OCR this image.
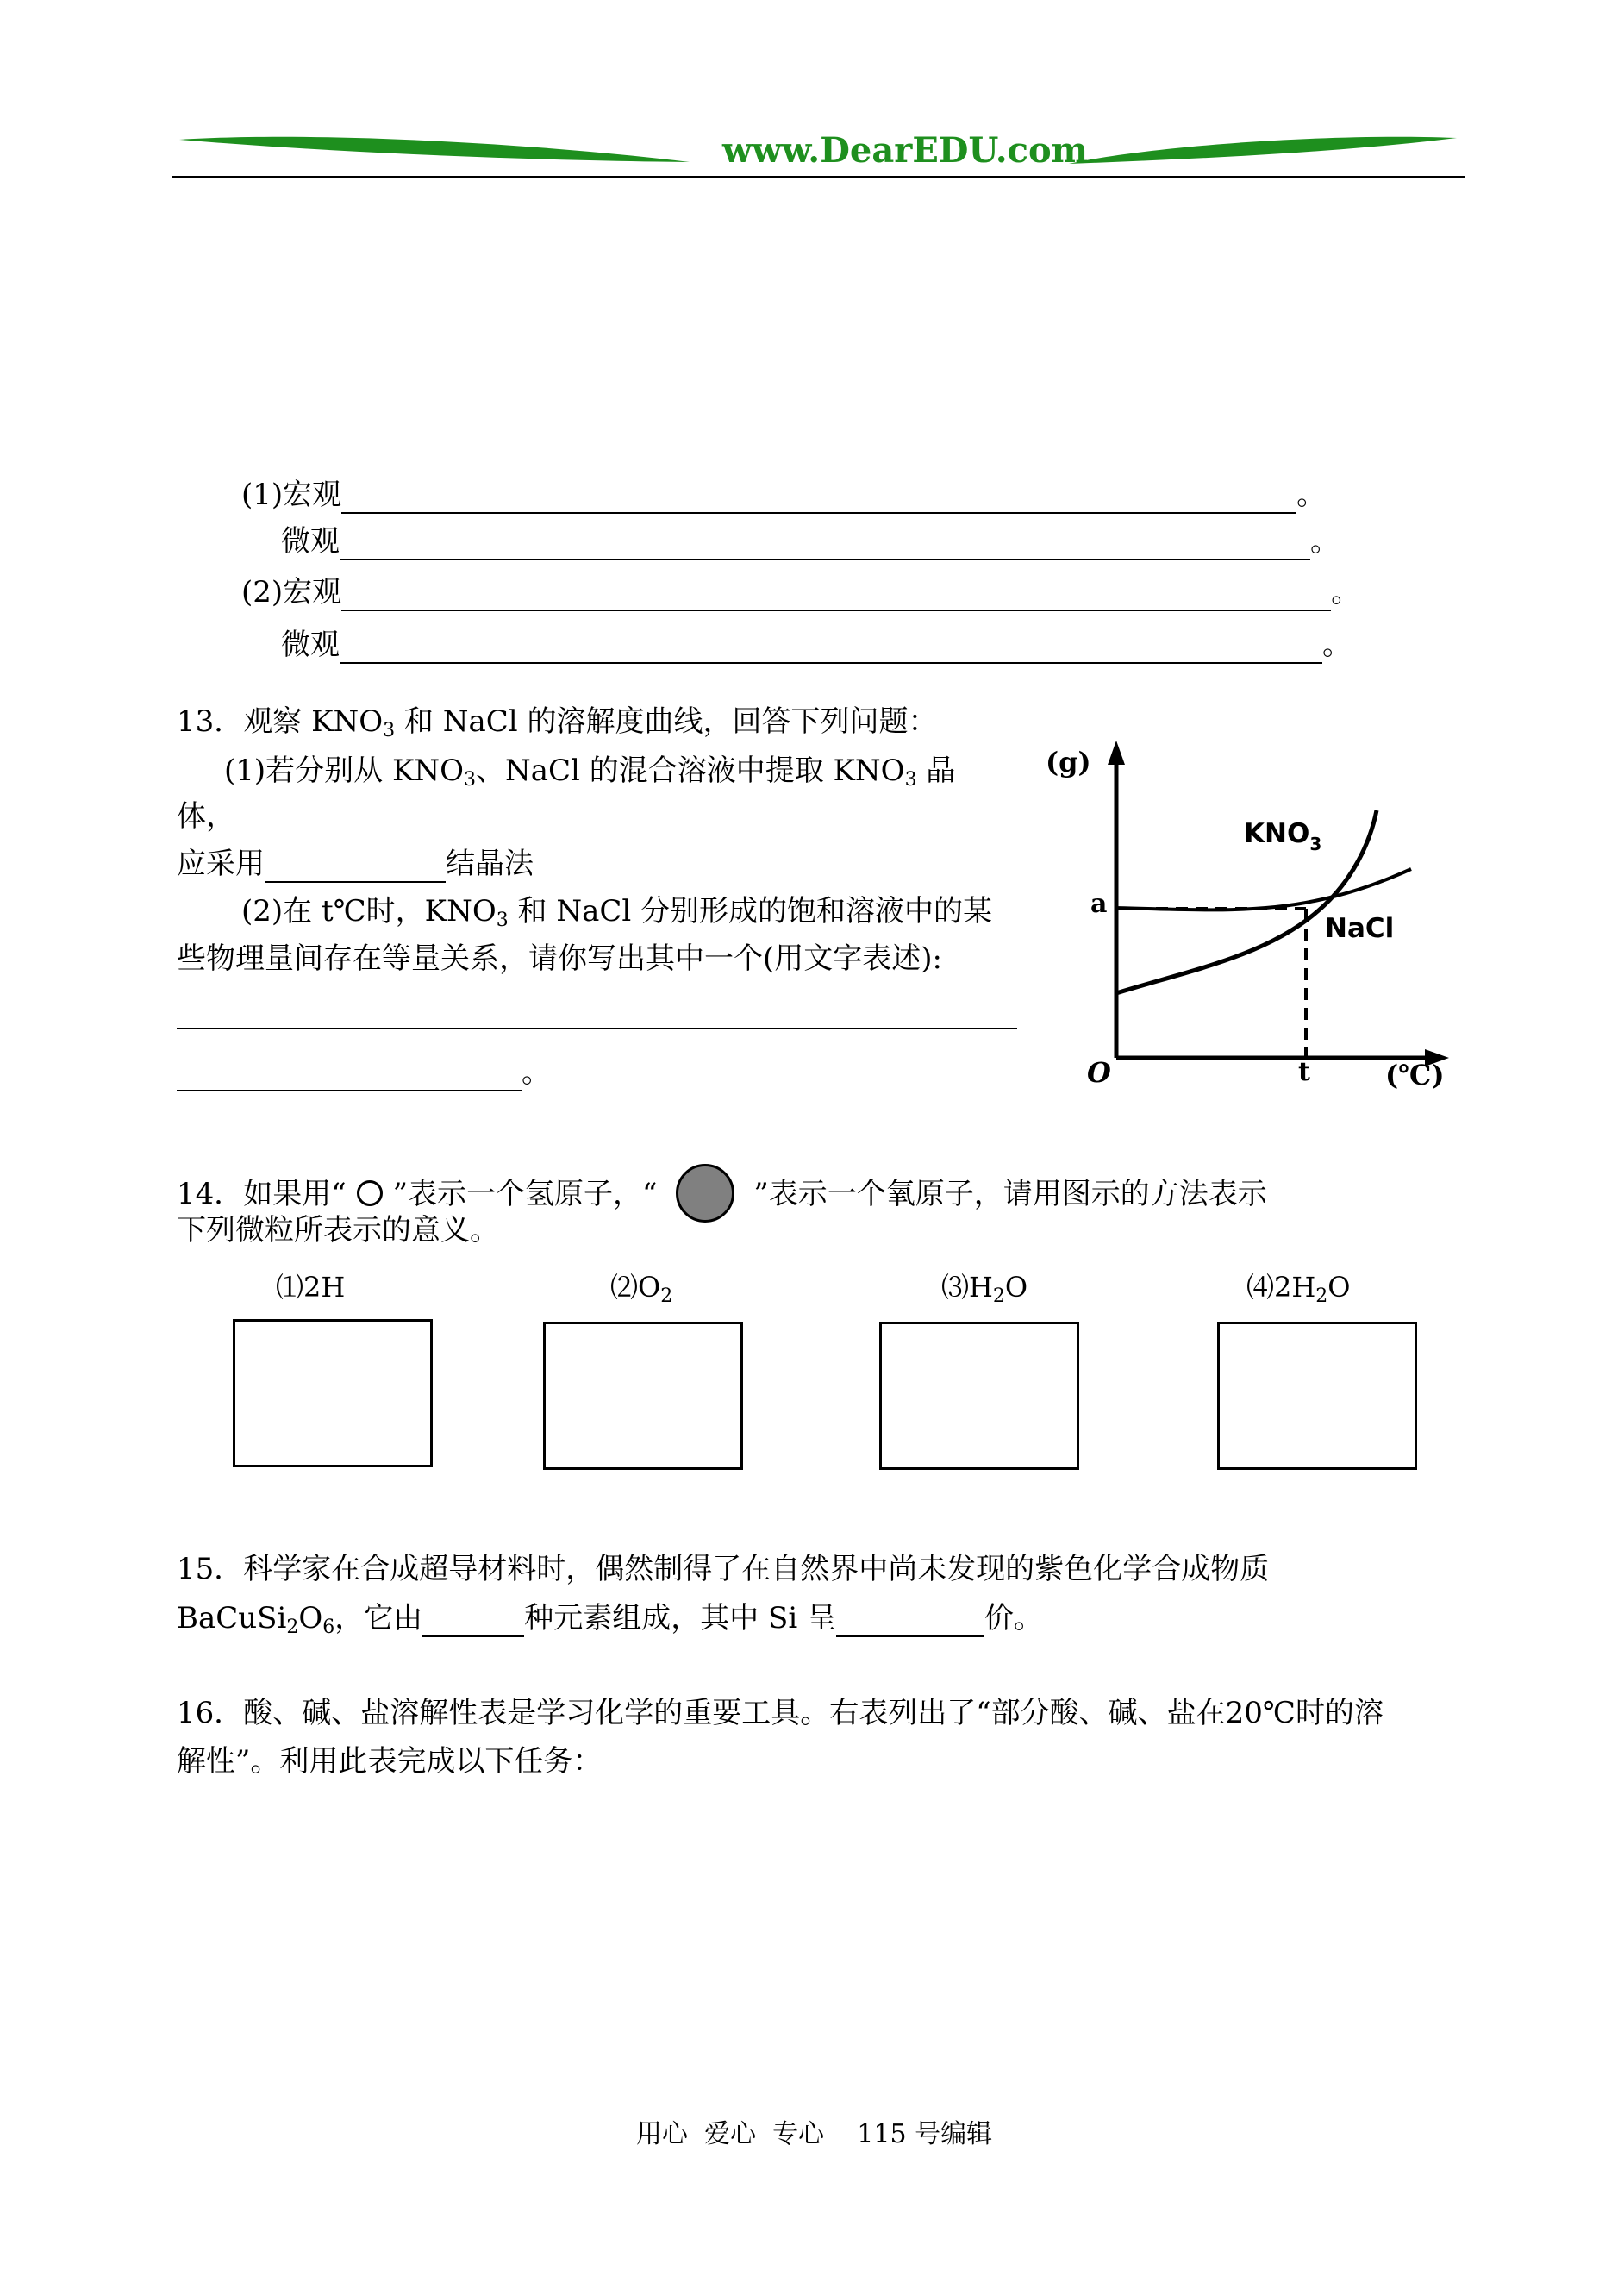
www.DearEDU.com
(1)宏观	。
微观	。
(2)宏观	。
微观	。
13．观察 $KNO_3$ 和 NaCl 的溶解度曲线，回答下列问题：
(1)若分别从 $KNO_3$、NaCl 的混合溶液中提取 $KNO_3$ 晶
体，
应采用	结晶法
(2)在 t℃时，$KNO_3$ 和 NaCl 分别形成的饱和溶液中的某
些物理量间存在等量关系，请你写出其中一个(用文字表述):
。
(g)
(℃)
O
a
t
$KNO_3$
NaCl
14．如果用“ ”表示一个氢原子，“	”表示一个氧原子，请用图示的方法表示
下列微粒所表示的意义。
⑴2H	$⑵O_2$	$⑶H_2O$	$⑷2H_2O$
15．科学家在合成超导材料时，偶然制得了在自然界中尚未发现的紫色化学合成物质
$BaCuSi_2O_6$，它由	种元素组成，其中 Si 呈	价。
16．酸、碱、盐溶解性表是学习化学的重要工具。右表列出了“部分酸、碱、盐在20℃时的溶
解性”。利用此表完成以下任务：
用心  爱心  专心    115 号编辑
